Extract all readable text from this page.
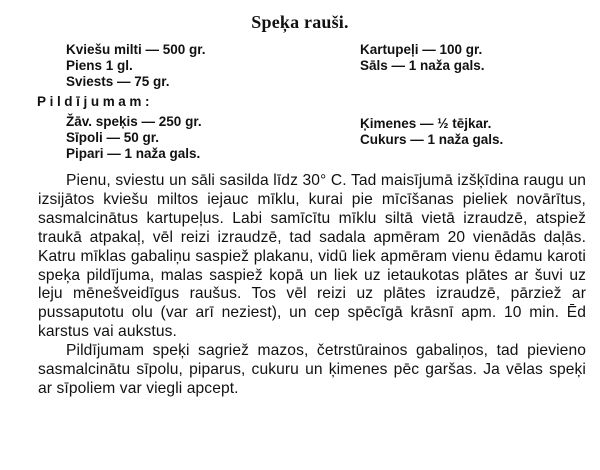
Speķa rauši.
Kviešu milti — 500 gr.
Piens 1 gl.
Sviests — 75 gr.
Kartupeļi — 100 gr.
Sāls — 1 naža gals.
Pildījumam:
Žāv. speķis — 250 gr.
Sīpoli — 50 gr.
Pipari — 1 naža gals.
Ķimenes — ½ tējkar.
Cukurs — 1 naža gals.

Pienu, sviestu un sāli sasilda līdz 30° C. Tad maisījumā izšķīdina raugu un izsijātos kviešu miltos iejauc mīklu, kurai pie mīcīšanas pieliek novārītus, sasmalcinātus kartupeļus. Labi samīcītu mīklu siltā vietā izraudzē, atspiež traukā atpakaļ, vēl reizi izraudzē, tad sadala apmēram 20 vienādās daļās. Katru mīklas gabaliņu saspiež plakanu, vidū liek apmēram vienu ēdamu karoti speķa pildījuma, malas saspiež kopā un liek uz ietaukotas plātes ar šuvi uz leju mēnešveidīgus raušus. Tos vēl reizi uz plātes izraudzē, pārziež ar pussaputotu olu (var arī neziest), un cep spēcīgā krāsnī apm. 10 min. Ēd karstus vai aukstus.

Pildījumam speķi sagriež mazos, četrstūrainos gabaliņos, tad pievieno sasmalcinātu sīpolu, piparus, cukuru un ķimenes pēc garšas. Ja vēlas speķi ar sīpoliem var viegli apcept.
